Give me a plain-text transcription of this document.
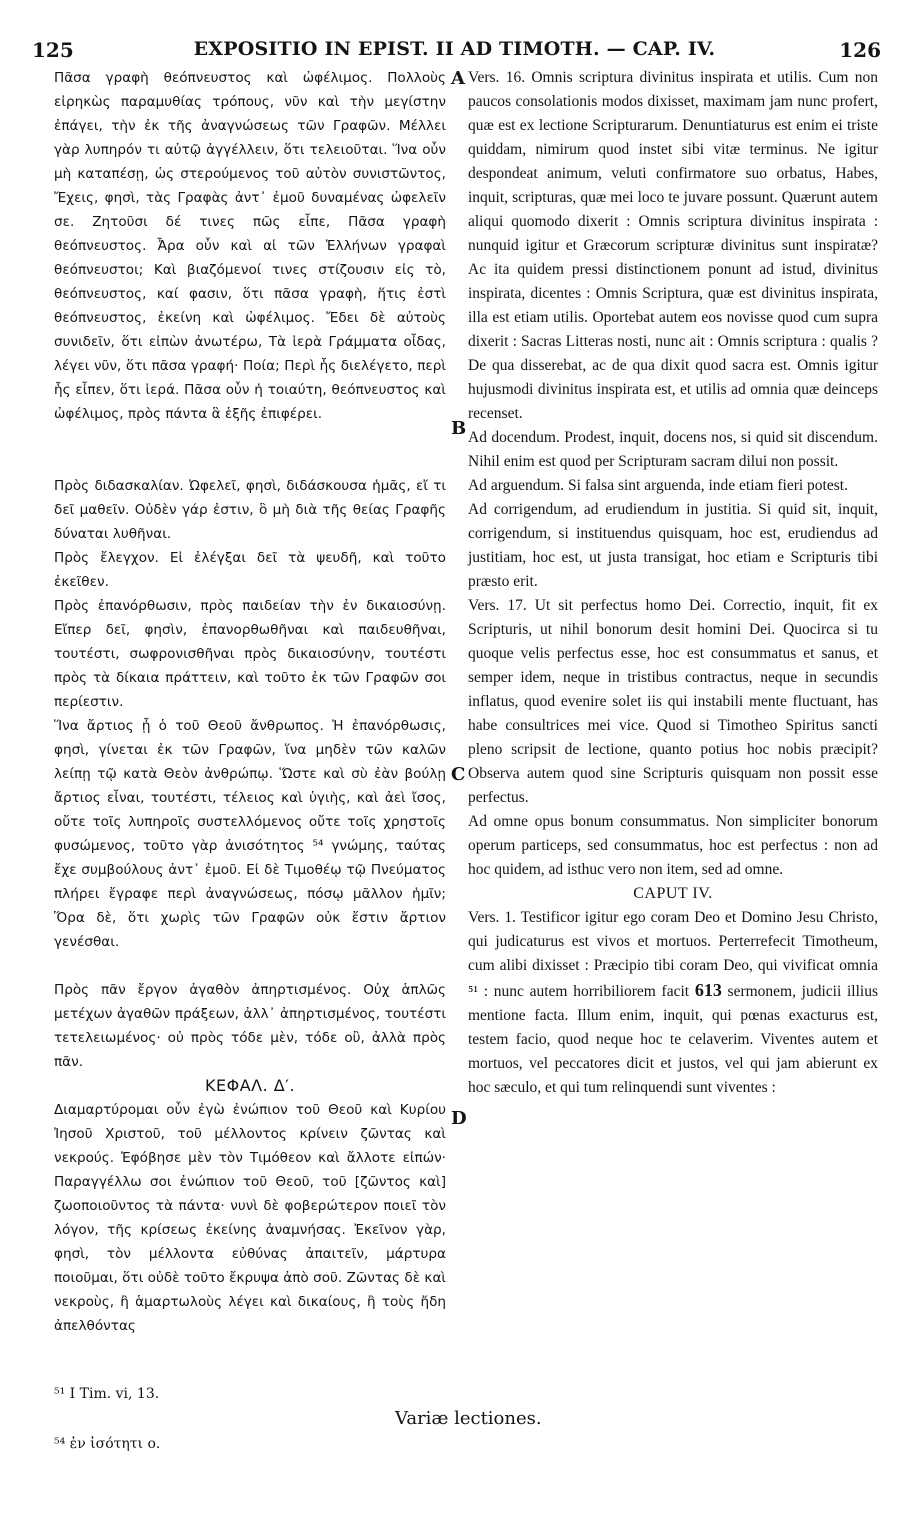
125	EXPOSITIO IN EPIST. II AD TIMOTH. — CAP. IV.	126
A
B
C
D

Πᾶσα γραφὴ θεόπνευστος καὶ ὠφέλιμος. Πολλοὺς εἰρηκὼς παραμυθίας τρόπους, νῦν καὶ τὴν μεγίστην ἐπάγει, τὴν ἐκ τῆς ἀναγνώσεως τῶν Γραφῶν. Μέλλει γὰρ λυπηρόν τι αὐτῷ ἀγγέλλειν, ὅτι τελειοῦται. Ἵνα οὖν μὴ καταπέσῃ, ὡς στερούμενος τοῦ αὐτὸν συνιστῶντος, Ἔχεις, φησὶ, τὰς Γραφὰς ἀντ᾽ ἐμοῦ δυναμένας ὠφελεῖν σε. Ζητοῦσι δέ τινες πῶς εἶπε, Πᾶσα γραφὴ θεόπνευστος. Ἆρα οὖν καὶ αἱ τῶν Ἑλλήνων γραφαὶ θεόπνευστοι; Καὶ βιαζόμενοί τινες στίζουσιν εἰς τὸ, θεόπνευστος, καί φασιν, ὅτι πᾶσα γραφὴ, ἥτις ἐστὶ θεόπνευστος, ἐκείνη καὶ ὠφέλιμος. Ἔδει δὲ αὐτοὺς συνιδεῖν, ὅτι εἰπὼν ἀνωτέρω, Τὰ ἱερὰ Γράμματα οἶδας, λέγει νῦν, ὅτι πᾶσα γραφή· Ποία; Περὶ ἧς διελέγετο, περὶ ἧς εἶπεν, ὅτι ἱερά. Πᾶσα οὖν ἡ τοιαύτη, θεόπνευστος καὶ ὠφέλιμος, πρὸς πάντα ἃ ἑξῆς ἐπιφέρει.

Πρὸς διδασκαλίαν. Ὠφελεῖ, φησὶ, διδάσκουσα ἡμᾶς, εἴ τι δεῖ μαθεῖν. Οὐδὲν γάρ ἐστιν, ὃ μὴ διὰ τῆς θείας Γραφῆς δύναται λυθῆναι.

Πρὸς ἔλεγχον. Εἰ ἐλέγξαι δεῖ τὰ ψευδῆ, καὶ τοῦτο ἐκεῖθεν.

Πρὸς ἐπανόρθωσιν, πρὸς παιδείαν τὴν ἐν δικαιοσύνῃ. Εἴπερ δεῖ, φησὶν, ἐπανορθωθῆναι καὶ παιδευθῆναι, τουτέστι, σωφρονισθῆναι πρὸς δικαιοσύνην, τουτέστι πρὸς τὰ δίκαια πράττειν, καὶ τοῦτο ἐκ τῶν Γραφῶν σοι περίεστιν.

Ἵνα ἄρτιος ᾖ ὁ τοῦ Θεοῦ ἄνθρωπος. Ἡ ἐπανόρθωσις, φησὶ, γίνεται ἐκ τῶν Γραφῶν, ἵνα μηδὲν τῶν καλῶν λείπῃ τῷ κατὰ Θεὸν ἀνθρώπῳ. Ὥστε καὶ σὺ ἐὰν βούλῃ ἄρτιος εἶναι, τουτέστι, τέλειος καὶ ὑγιὴς, καὶ ἀεὶ ἴσος, οὔτε τοῖς λυπηροῖς συστελλόμενος οὔτε τοῖς χρηστοῖς φυσώμενος, τοῦτο γὰρ ἀνισότητος ⁵⁴ γνώμης, ταύτας ἔχε συμβούλους ἀντ᾽ ἐμοῦ. Εἰ δὲ Τιμοθέῳ τῷ Πνεύματος πλήρει ἔγραφε περὶ ἀναγνώσεως, πόσῳ μᾶλλον ἡμῖν; Ὅρα δὲ, ὅτι χωρὶς τῶν Γραφῶν οὐκ ἔστιν ἄρτιον γενέσθαι.

Πρὸς πᾶν ἔργον ἀγαθὸν ἀπηρτισμένος. Οὐχ ἁπλῶς μετέχων ἀγαθῶν πράξεων, ἀλλ᾽ ἀπηρτισμένος, τουτέστι τετελειωμένος· οὐ πρὸς τόδε μὲν, τόδε οὒ, ἀλλὰ πρὸς πᾶν.

ΚΕΦΑΛ. Δ′.

Διαμαρτύρομαι οὖν ἐγὼ ἐνώπιον τοῦ Θεοῦ καὶ Κυρίου Ἰησοῦ Χριστοῦ, τοῦ μέλλοντος κρίνειν ζῶντας καὶ νεκρούς. Ἐφόβησε μὲν τὸν Τιμόθεον καὶ ἄλλοτε εἰπών· Παραγγέλλω σοι ἐνώπιον τοῦ Θεοῦ, τοῦ [ζῶντος καὶ] ζωοποιοῦντος τὰ πάντα· νυνὶ δὲ φοβερώτερον ποιεῖ τὸν λόγον, τῆς κρίσεως ἐκείνης ἀναμνήσας. Ἐκεῖνον γὰρ, φησὶ, τὸν μέλλοντα εὐθύνας ἀπαιτεῖν, μάρτυρα ποιοῦμαι, ὅτι οὐδὲ τοῦτο ἔκρυψα ἀπὸ σοῦ. Ζῶντας δὲ καὶ νεκροὺς, ἢ ἁμαρτωλοὺς λέγει καὶ δικαίους, ἢ τοὺς ἤδη ἀπελθόντας

Vers. 16. Omnis scriptura divinitus inspirata et utilis. Cum non paucos consolationis modos dixisset, maximam jam nunc profert, quæ est ex lectione Scripturarum. Denuntiaturus est enim ei triste quiddam, nimirum quod instet sibi vitæ terminus. Ne igitur despondeat animum, veluti confirmatore suo orbatus, Habes, inquit, scripturas, quæ mei loco te juvare possunt. Quærunt autem aliqui quomodo dixerit : Omnis scriptura divinitus inspirata : nunquid igitur et Græcorum scripturæ divinitus sunt inspiratæ? Ac ita quidem pressi distinctionem ponunt ad istud, divinitus inspirata, dicentes : Omnis Scriptura, quæ est divinitus inspirata, illa est etiam utilis. Oportebat autem eos novisse quod cum supra dixerit : Sacras Litteras nosti, nunc ait : Omnis scriptura : qualis ? De qua disserebat, ac de qua dixit quod sacra est. Omnis igitur hujusmodi divinitus inspirata est, et utilis ad omnia quæ deinceps recenset.

Ad docendum. Prodest, inquit, docens nos, si quid sit discendum. Nihil enim est quod per Scripturam sacram dilui non possit.

Ad arguendum. Si falsa sint arguenda, inde etiam fieri potest.

Ad corrigendum, ad erudiendum in justitia. Si quid sit, inquit, corrigendum, si instituendus quisquam, hoc est, erudiendus ad justitiam, hoc est, ut justa transigat, hoc etiam e Scripturis tibi præsto erit.

Vers. 17. Ut sit perfectus homo Dei. Correctio, inquit, fit ex Scripturis, ut nihil bonorum desit homini Dei. Quocirca si tu quoque velis perfectus esse, hoc est consummatus et sanus, et semper idem, neque in tristibus contractus, neque in secundis inflatus, quod evenire solet iis qui instabili mente fluctuant, has habe consultrices mei vice. Quod si Timotheo Spiritus sancti pleno scripsit de lectione, quanto potius hoc nobis præcipit? Observa autem quod sine Scripturis quisquam non possit esse perfectus.

Ad omne opus bonum consummatus. Non simpliciter bonorum operum particeps, sed consummatus, hoc est perfectus : non ad hoc quidem, ad isthuc vero non item, sed ad omne.

CAPUT IV.

Vers. 1. Testificor igitur ego coram Deo et Domino Jesu Christo, qui judicaturus est vivos et mortuos. Perterrefecit Timotheum, cum alibi dixisset : Præcipio tibi coram Deo, qui vivificat omnia ⁵¹ : nunc autem horribiliorem facit 613 sermonem, judicii illius mentione facta. Illum enim, inquit, qui pœnas exacturus est, testem facio, quod neque hoc te celaverim. Viventes autem et mortuos, vel peccatores dicit et justos, vel qui jam abierunt ex hoc sæculo, et qui tum relinquendi sunt viventes :

⁵¹ I Tim. vi, 13.
Variæ lectiones.
⁵⁴ ἐν ἰσότητι ο.
